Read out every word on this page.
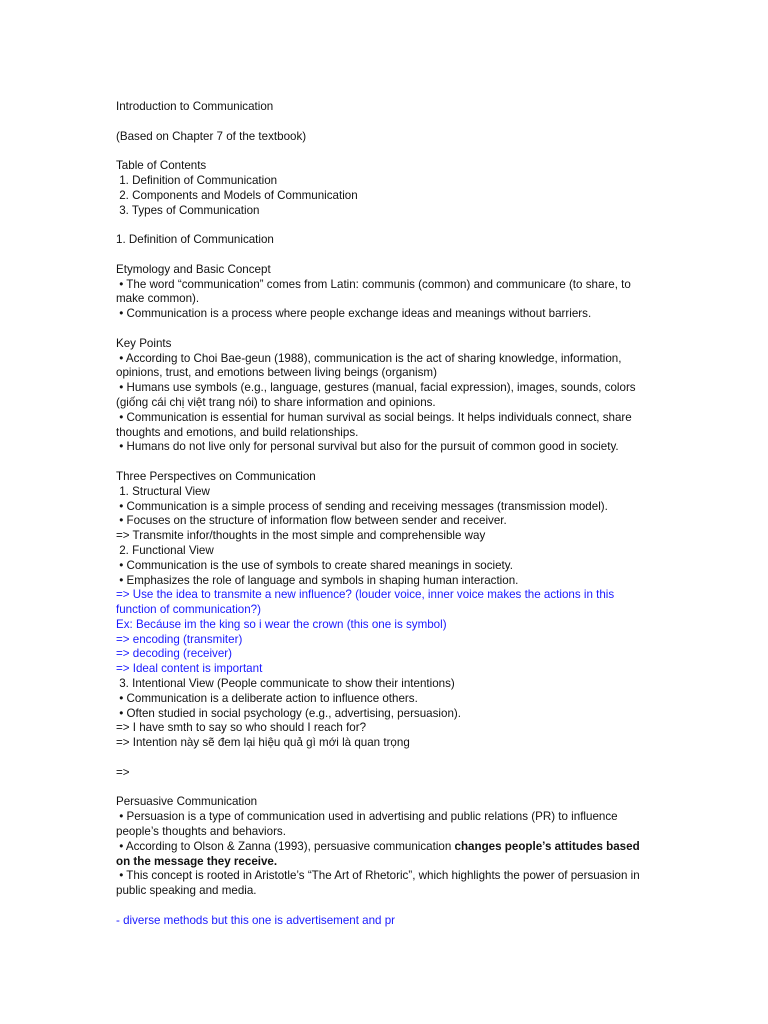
Introduction to Communication

(Based on Chapter 7 of the textbook)

Table of Contents

1. Definition of Communication

2. Components and Models of Communication

3. Types of Communication

1. Definition of Communication

Etymology and Basic Concept

• The word “communication” comes from Latin: communis (common) and communicare (to share, to make common).

• Communication is a process where people exchange ideas and meanings without barriers.

Key Points

• According to Choi Bae-geun (1988), communication is the act of sharing knowledge, information, opinions, trust, and emotions between living beings (organism)

• Humans use symbols (e.g., language, gestures (manual, facial expression), images, sounds, colors (giống cái chị việt trang nói) to share information and opinions.

• Communication is essential for human survival as social beings. It helps individuals connect, share thoughts and emotions, and build relationships.

• Humans do not live only for personal survival but also for the pursuit of common good in society.

Three Perspectives on Communication

1. Structural View

• Communication is a simple process of sending and receiving messages (transmission model).

• Focuses on the structure of information flow between sender and receiver.

=> Transmite infor/thoughts in the most simple and comprehensible way

2. Functional View

• Communication is the use of symbols to create shared meanings in society.

• Emphasizes the role of language and symbols in shaping human interaction.

=> Use the idea to transmite a new influence? (louder voice, inner voice makes the actions in this function of communication?)

Ex: Becáuse im the king so i wear the crown (this one is symbol)

=> encoding (transmiter)

=> decoding (receiver)

=> Ideal content is important

3. Intentional View (People communicate to show their intentions)

• Communication is a deliberate action to influence others.

• Often studied in social psychology (e.g., advertising, persuasion).

=> I have smth to say so who should I reach for?

=> Intention này sẽ đem lại hiệu quả gì mới là quan trọng

=>

Persuasive Communication

• Persuasion is a type of communication used in advertising and public relations (PR) to influence people’s thoughts and behaviors.

• According to Olson & Zanna (1993), persuasive communication changes people’s attitudes based on the message they receive.

• This concept is rooted in Aristotle’s “The Art of Rhetoric”, which highlights the power of persuasion in public speaking and media.

- diverse methods but this one is advertisement and pr
